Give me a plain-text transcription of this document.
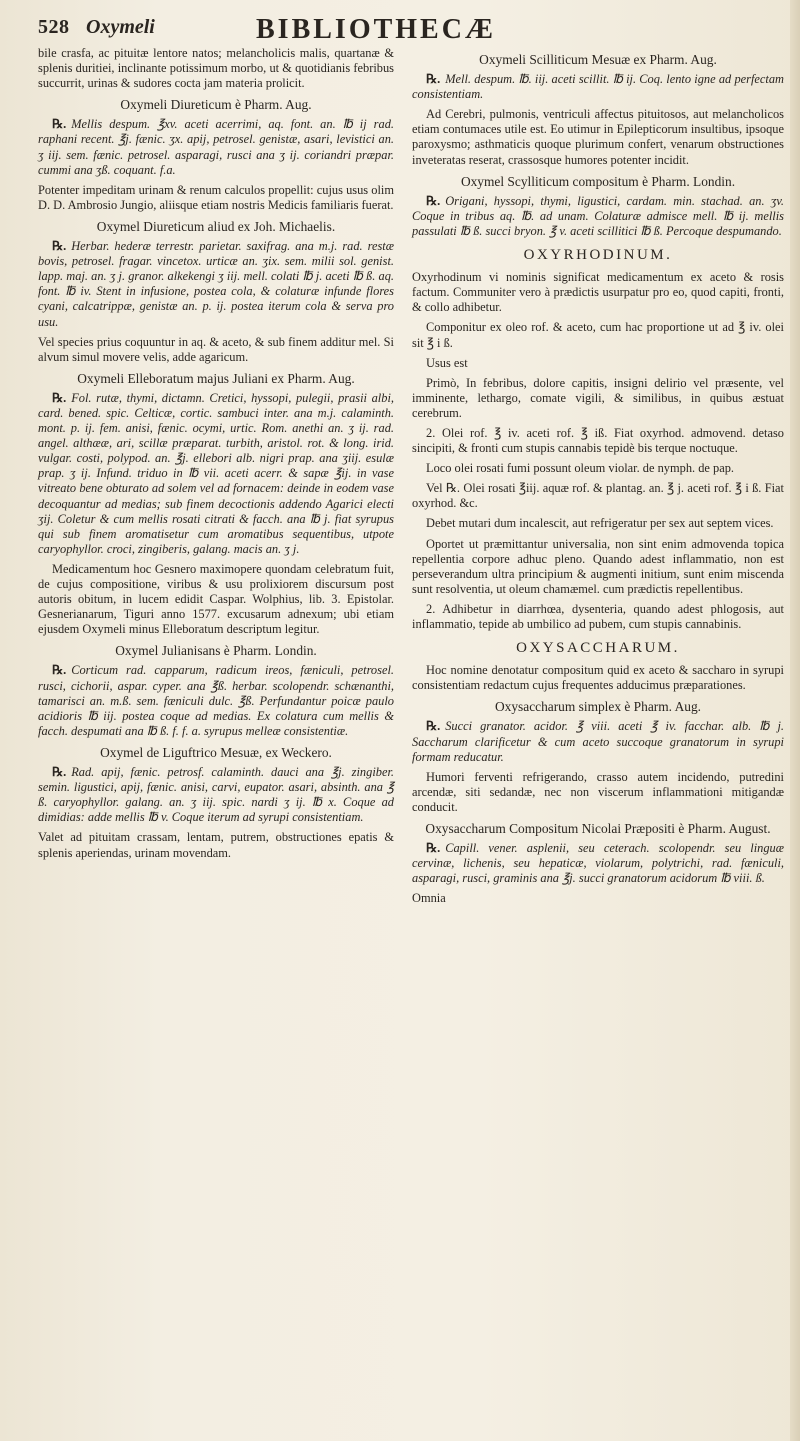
528 Oxymeli	BIBLIOTHECÆ

bile crasfa, ac pituitæ lentore natos; melancholicis malis, quartanæ & splenis duritiei, inclinante potissimum morbo, ut & quotidianis febribus succurrit, urinas & sudores cocta jam materia prolicit.

Oxymeli Diureticum è Pharm. Aug.

℞. Mellis despum. ℥xv. aceti acerrimi, aq. font. an. ℔ ij rad. raphani recent. ℥j. fænic. ʒx. apij, petrosel. genistæ, asari, levistici an. ʒ iij. sem. fænic. petrosel. asparagi, rusci ana ʒ ij. coriandri præpar. cummi ana ʒß. coquant. f.a.

Potenter impeditam urinam & renum calculos propellit: cujus usus olim D. D. Ambrosio Jungio, aliisque etiam nostris Medicis familiaris fuerat.

Oxymel Diureticum aliud ex Joh. Michaelis.

℞. Herbar. hederæ terrestr. parietar. saxifrag. ana m.j. rad. restæ bovis, petrosel. fragar. vincetox. urticæ an. ʒix. sem. milii sol. genist. lapp. maj. an. ʒ j. granor. alkekengi ʒ iij. mell. colati ℔ j. aceti ℔ ß. aq. font. ℔ iv. Stent in infusione, postea cola, & colaturæ infunde flores cyani, calcatrippæ, genistæ an. p. ij. postea iterum cola & serva pro usu.

Vel species prius coquuntur in aq. & aceto, & sub finem additur mel. Si alvum simul movere velis, adde agaricum.

Oxymeli Elleboratum majus Juliani ex Pharm. Aug.

℞. Fol. rutæ, thymi, dictamn. Cretici, hyssopi, pulegii, prasii albi, card. bened. spic. Celticæ, cortic. sambuci inter. ana m.j. calaminth. mont. p. ij. fem. anisi, fænic. ocymi, urtic. Rom. anethi an. ʒ ij. rad. angel. althææ, ari, scillæ præparat. turbith, aristol. rot. & long. irid. vulgar. costi, polypod. an. ℥j. ellebori alb. nigri prap. ana ʒiij. esulæ prap. ʒ ij. Infund. triduo in ℔ vii. aceti acerr. & sapæ ℥ij. in vase vitreato bene obturato ad solem vel ad fornacem: deinde in eodem vase decoquantur ad medias; sub finem decoctionis addendo Agarici electi ʒij. Coletur & cum mellis rosati citrati & facch. ana ℔ j. fiat syrupus qui sub finem aromatisetur cum aromatibus sequentibus, utpote caryophyllor. croci, zingiberis, galang. macis an. ʒ j.

Medicamentum hoc Gesnero maximopere quondam celebratum fuit, de cujus compositione, viribus & usu prolixiorem discursum post autoris obitum, in lucem edidit Caspar. Wolphius, lib. 3. Epistolar. Gesnerianarum, Tiguri anno 1577. excusarum adnexum; ubi etiam ejusdem Oxymeli minus Elleboratum descriptum legitur.

Oxymel Julianisans è Pharm. Londin.

℞. Corticum rad. capparum, radicum ireos, fæniculi, petrosel. rusci, cichorii, aspar. cyper. ana ℥ß. herbar. scolopendr. schænanthi, tamarisci an. m.ß. sem. fæniculi dulc. ℥ß. Perfundantur poicæ paulo acidioris ℔ iij. postea coque ad medias. Ex colatura cum mellis & facch. despumati ana ℔ ß. f. f. a. syrupus melleæ consistentiæ.

Oxymel de Liguftrico Mesuæ, ex Weckero.

℞. Rad. apij, fænic. petrosf. calaminth. dauci ana ℥j. zingiber. semin. ligustici, apij, fænic. anisi, carvi, eupator. asari, absinth. ana ℥ ß. caryophyllor. galang. an. ʒ iij. spic. nardi ʒ ij. ℔ x. Coque ad dimidias: adde mellis ℔ v. Coque iterum ad syrupi consistentiam.

Valet ad pituitam crassam, lentam, putrem, obstructiones epatis & splenis aperiendas, urinam movendam.

Oxymeli Scilliticum Mesuæ ex Pharm. Aug.

℞. Mell. despum. ℔. iij. aceti scillit. ℔ ij. Coq. lento igne ad perfectam consistentiam.

Ad Cerebri, pulmonis, ventriculi affectus pituitosos, aut melancholicos etiam contumaces utile est. Eo utimur in Epilepticorum insultibus, ipsoque paroxysmo; asthmaticis quoque plurimum confert, venarum obstructiones inveteratas reserat, crassosque humores potenter incidit.

Oxymel Scylliticum compositum è Pharm. Londin.

℞. Origani, hyssopi, thymi, ligustici, cardam. min. stachad. an. ʒv. Coque in tribus aq. ℔. ad unam. Colaturæ admisce mell. ℔ ij. mellis passulati ℔ ß. succi bryon. ℥ v. aceti scillitici ℔ ß. Percoque despumando.

OXYRHODINUM.

Oxyrhodinum vi nominis significat medicamentum ex aceto & rosis factum. Communiter vero à prædictis usurpatur pro eo, quod capiti, fronti, & collo adhibetur.

Componitur ex oleo rof. & aceto, cum hac proportione ut ad ℥ iv. olei sit ℥ i ß.

Usus est

Primò, In febribus, dolore capitis, insigni delirio vel præsente, vel imminente, lethargo, comate vigili, & similibus, in quibus æstuat cerebrum.

2. Olei rof. ℥ iv. aceti rof. ℥ iß. Fiat oxyrhod. admovend. detaso sincipiti, & fronti cum stupis cannabis tepidè bis terque noctuque.

Loco olei rosati fumi possunt oleum violar. de nymph. de pap.

Vel ℞. Olei rosati ℥iij. aquæ rof. & plantag. an. ℥ j. aceti rof. ℥ i ß. Fiat oxyrhod. &c.

Debet mutari dum incalescit, aut refrigeratur per sex aut septem vices.

Oportet ut præmittantur universalia, non sint enim admovenda topica repellentia corpore adhuc pleno. Quando adest inflammatio, non est perseverandum ultra principium & augmenti initium, sunt enim miscenda sunt resolventia, ut oleum chamæmel. cum prædictis repellentibus.

2. Adhibetur in diarrhœa, dysenteria, quando adest phlogosis, aut inflammatio, tepide ab umbilico ad pubem, cum stupis cannabinis.

OXYSACCHARUM.

Hoc nomine denotatur compositum quid ex aceto & saccharo in syrupi consistentiam redactum cujus frequentes adducimus præparationes.

Oxysaccharum simplex è Pharm. Aug.

℞. Succi granator. acidor. ℥ viii. aceti ℥ iv. facchar. alb. ℔ j. Saccharum clarificetur & cum aceto succoque granatorum in syrupi formam reducatur.

Humori ferventi refrigerando, crasso autem incidendo, putredini arcendæ, siti sedandæ, nec non viscerum inflammationi mitigandæ conducit.

Oxysaccharum Compositum Nicolai Præpositi è Pharm. August.

℞. Capill. vener. asplenii, seu ceterach. scolopendr. seu linguæ cervinæ, lichenis, seu hepaticæ, violarum, polytrichi, rad. fæniculi, asparagi, rusci, graminis ana ℥j. succi granatorum acidorum ℔ viii. ß.

Omnia
